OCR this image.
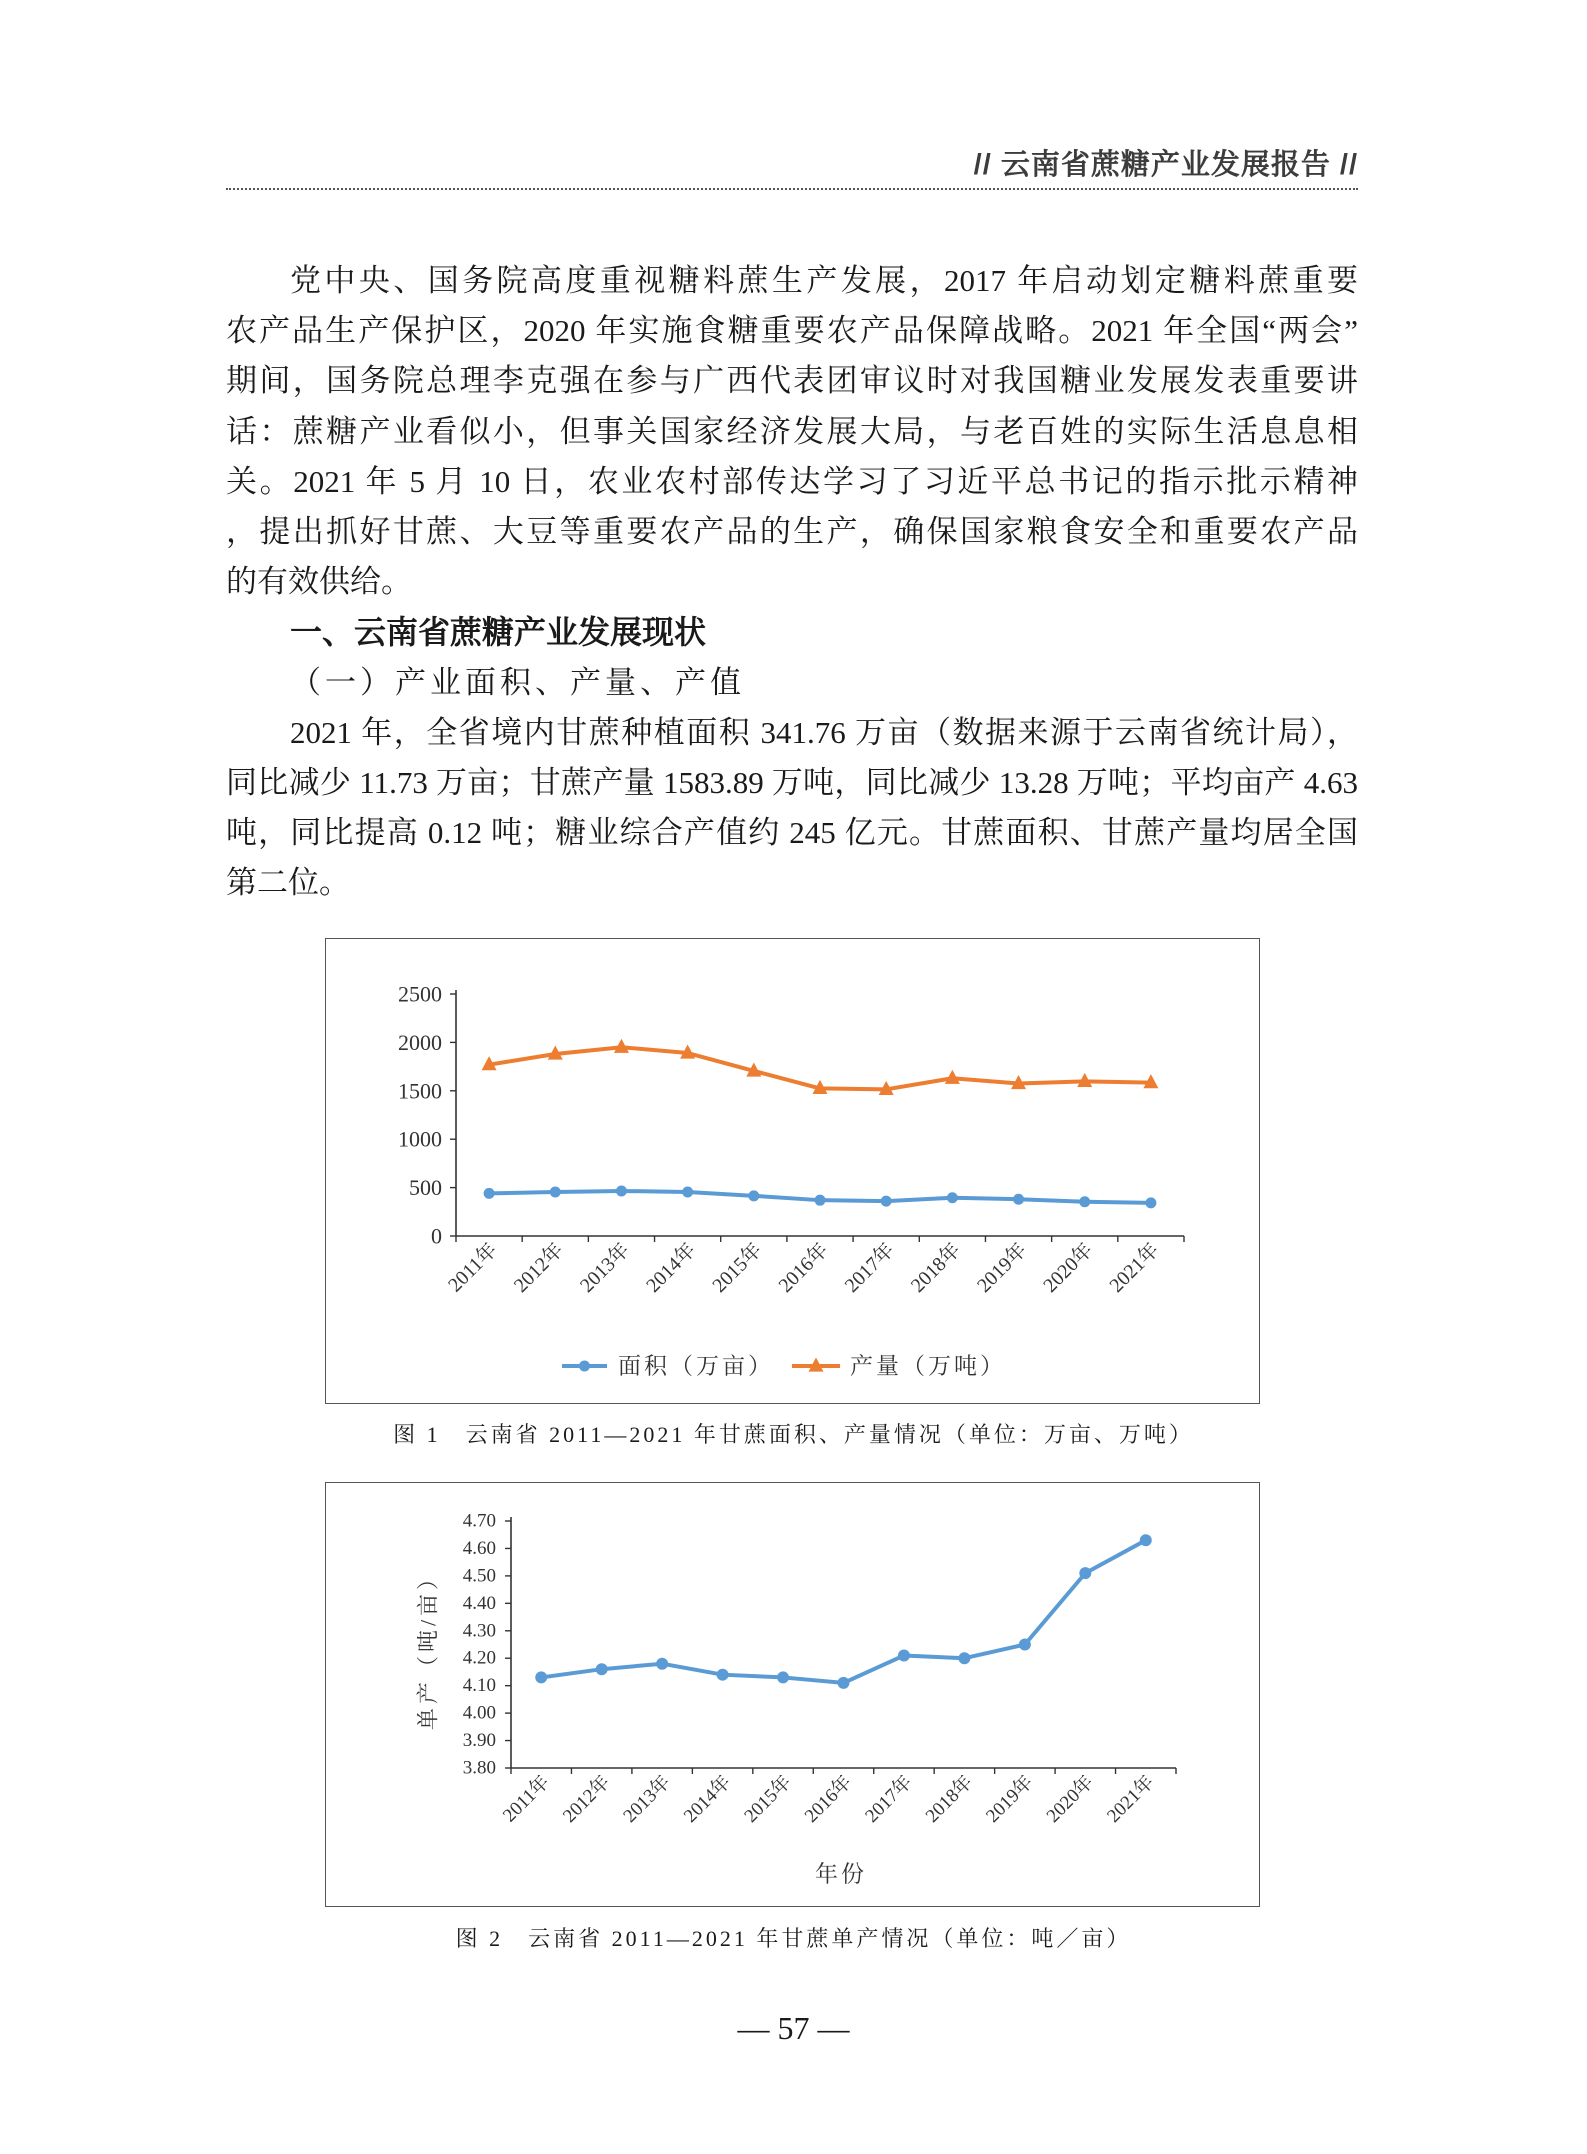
// 云南省蔗糖产业发展报告 //
党中央、国务院高度重视糖料蔗生产发展，2017 年启动划定糖料蔗重要
农产品生产保护区，2020 年实施食糖重要农产品保障战略。2021 年全国“两会”
期间，国务院总理李克强在参与广西代表团审议时对我国糖业发展发表重要讲
话：蔗糖产业看似小，但事关国家经济发展大局，与老百姓的实际生活息息相
关。2021 年 5 月 10 日，农业农村部传达学习了习近平总书记的指示批示精神
，提出抓好甘蔗、大豆等重要农产品的生产，确保国家粮食安全和重要农产品
的有效供给。
一、云南省蔗糖产业发展现状
（一）产业面积、产量、产值
2021 年，全省境内甘蔗种植面积 341.76 万亩（数据来源于云南省统计局），
同比减少 11.73 万亩；甘蔗产量 1583.89 万吨，同比减少 13.28 万吨；平均亩产 4.63
吨，同比提高 0.12 吨；糖业综合产值约 245 亿元。甘蔗面积、甘蔗产量均居全国
第二位。
0
500
1000
1500
2000
2500
2011年 2012年 2013年 2014年 2015年 2016年 2017年 2018年 2019年 2020年 2021年
面积（万亩）	产量（万吨）
图 1　云南省 2011—2021 年甘蔗面积、产量情况（单位：万亩、万吨）
3.80
3.90
4.00
4.10
4.20
4.30
4.40
4.50
4.60
4.70
2011年 2012年 2013年 2014年 2015年 2016年 2017年 2018年 2019年 2020年 2021年
单产（吨/亩）
年份
图 2　云南省 2011—2021 年甘蔗单产情况（单位：吨／亩）
— 57 —
